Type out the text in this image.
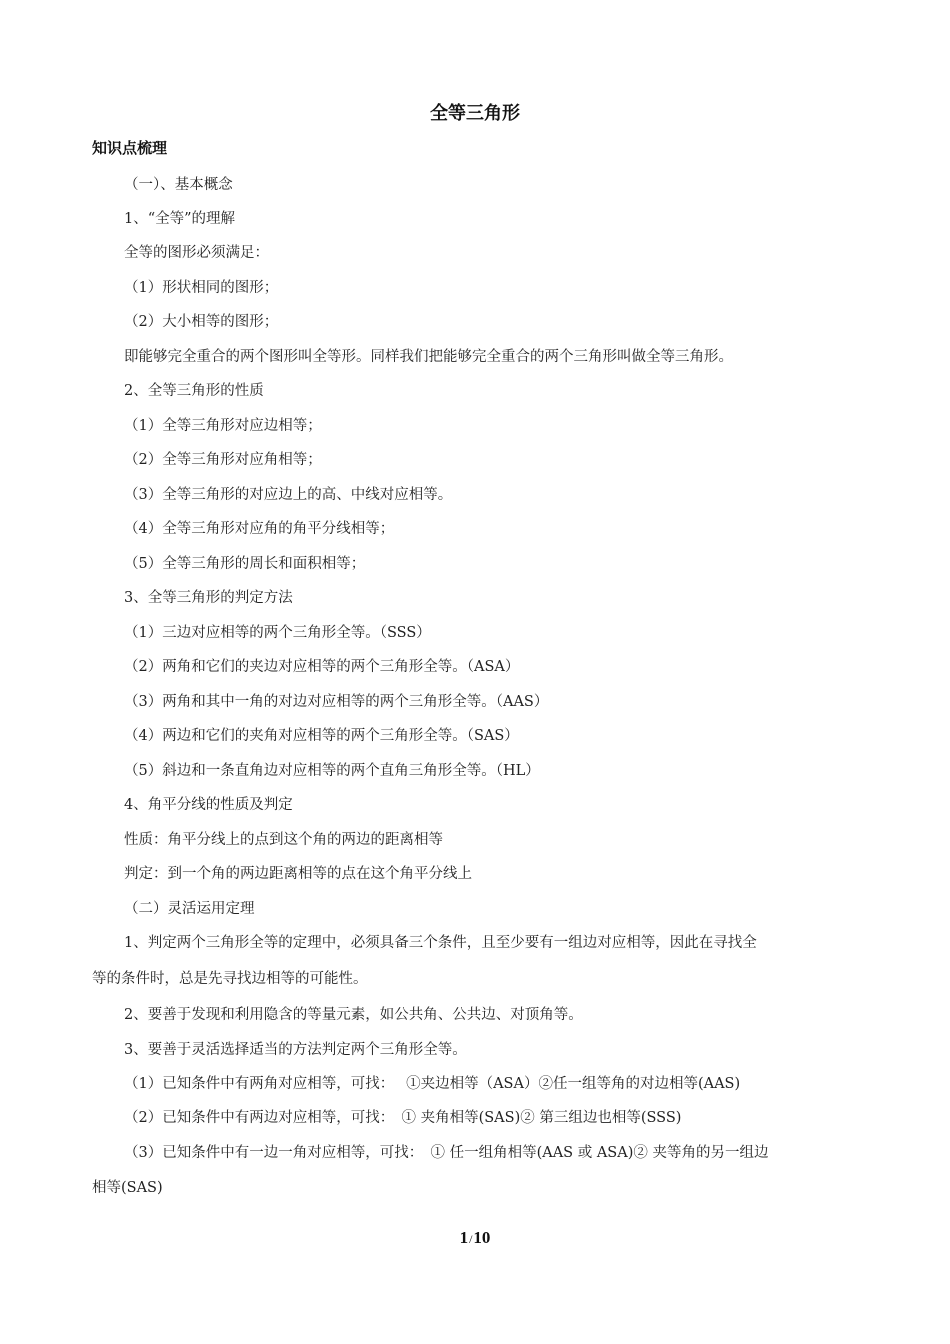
全等三角形
知识点梳理
（一）、基本概念
1、“全等”的理解
全等的图形必须满足：
（1）形状相同的图形；
（2）大小相等的图形；
即能够完全重合的两个图形叫全等形。同样我们把能够完全重合的两个三角形叫做全等三角形。
2、全等三角形的性质
（1）全等三角形对应边相等；
（2）全等三角形对应角相等；
（3）全等三角形的对应边上的高、中线对应相等。
（4）全等三角形对应角的角平分线相等；
（5）全等三角形的周长和面积相等；
3、全等三角形的判定方法
（1）三边对应相等的两个三角形全等。（SSS）
（2）两角和它们的夹边对应相等的两个三角形全等。（ASA）
（3）两角和其中一角的对边对应相等的两个三角形全等。（AAS）
（4）两边和它们的夹角对应相等的两个三角形全等。（SAS）
（5）斜边和一条直角边对应相等的两个直角三角形全等。（HL）
4、角平分线的性质及判定
性质：角平分线上的点到这个角的两边的距离相等
判定：到一个角的两边距离相等的点在这个角平分线上
（二）灵活运用定理
1、判定两个三角形全等的定理中，必须具备三个条件，且至少要有一组边对应相等，因此在寻找全
等的条件时，总是先寻找边相等的可能性。
2、要善于发现和利用隐含的等量元素，如公共角、公共边、对顶角等。
3、要善于灵活选择适当的方法判定两个三角形全等。
（1）已知条件中有两角对应相等，可找：　 ①夹边相等（ASA）②任一组等角的对边相等(AAS)
（2）已知条件中有两边对应相等，可找：　① 夹角相等(SAS)② 第三组边也相等(SSS)
（3）已知条件中有一边一角对应相等，可找：　① 任一组角相等(AAS 或 ASA)② 夹等角的另一组边
相等(SAS)
1/10
